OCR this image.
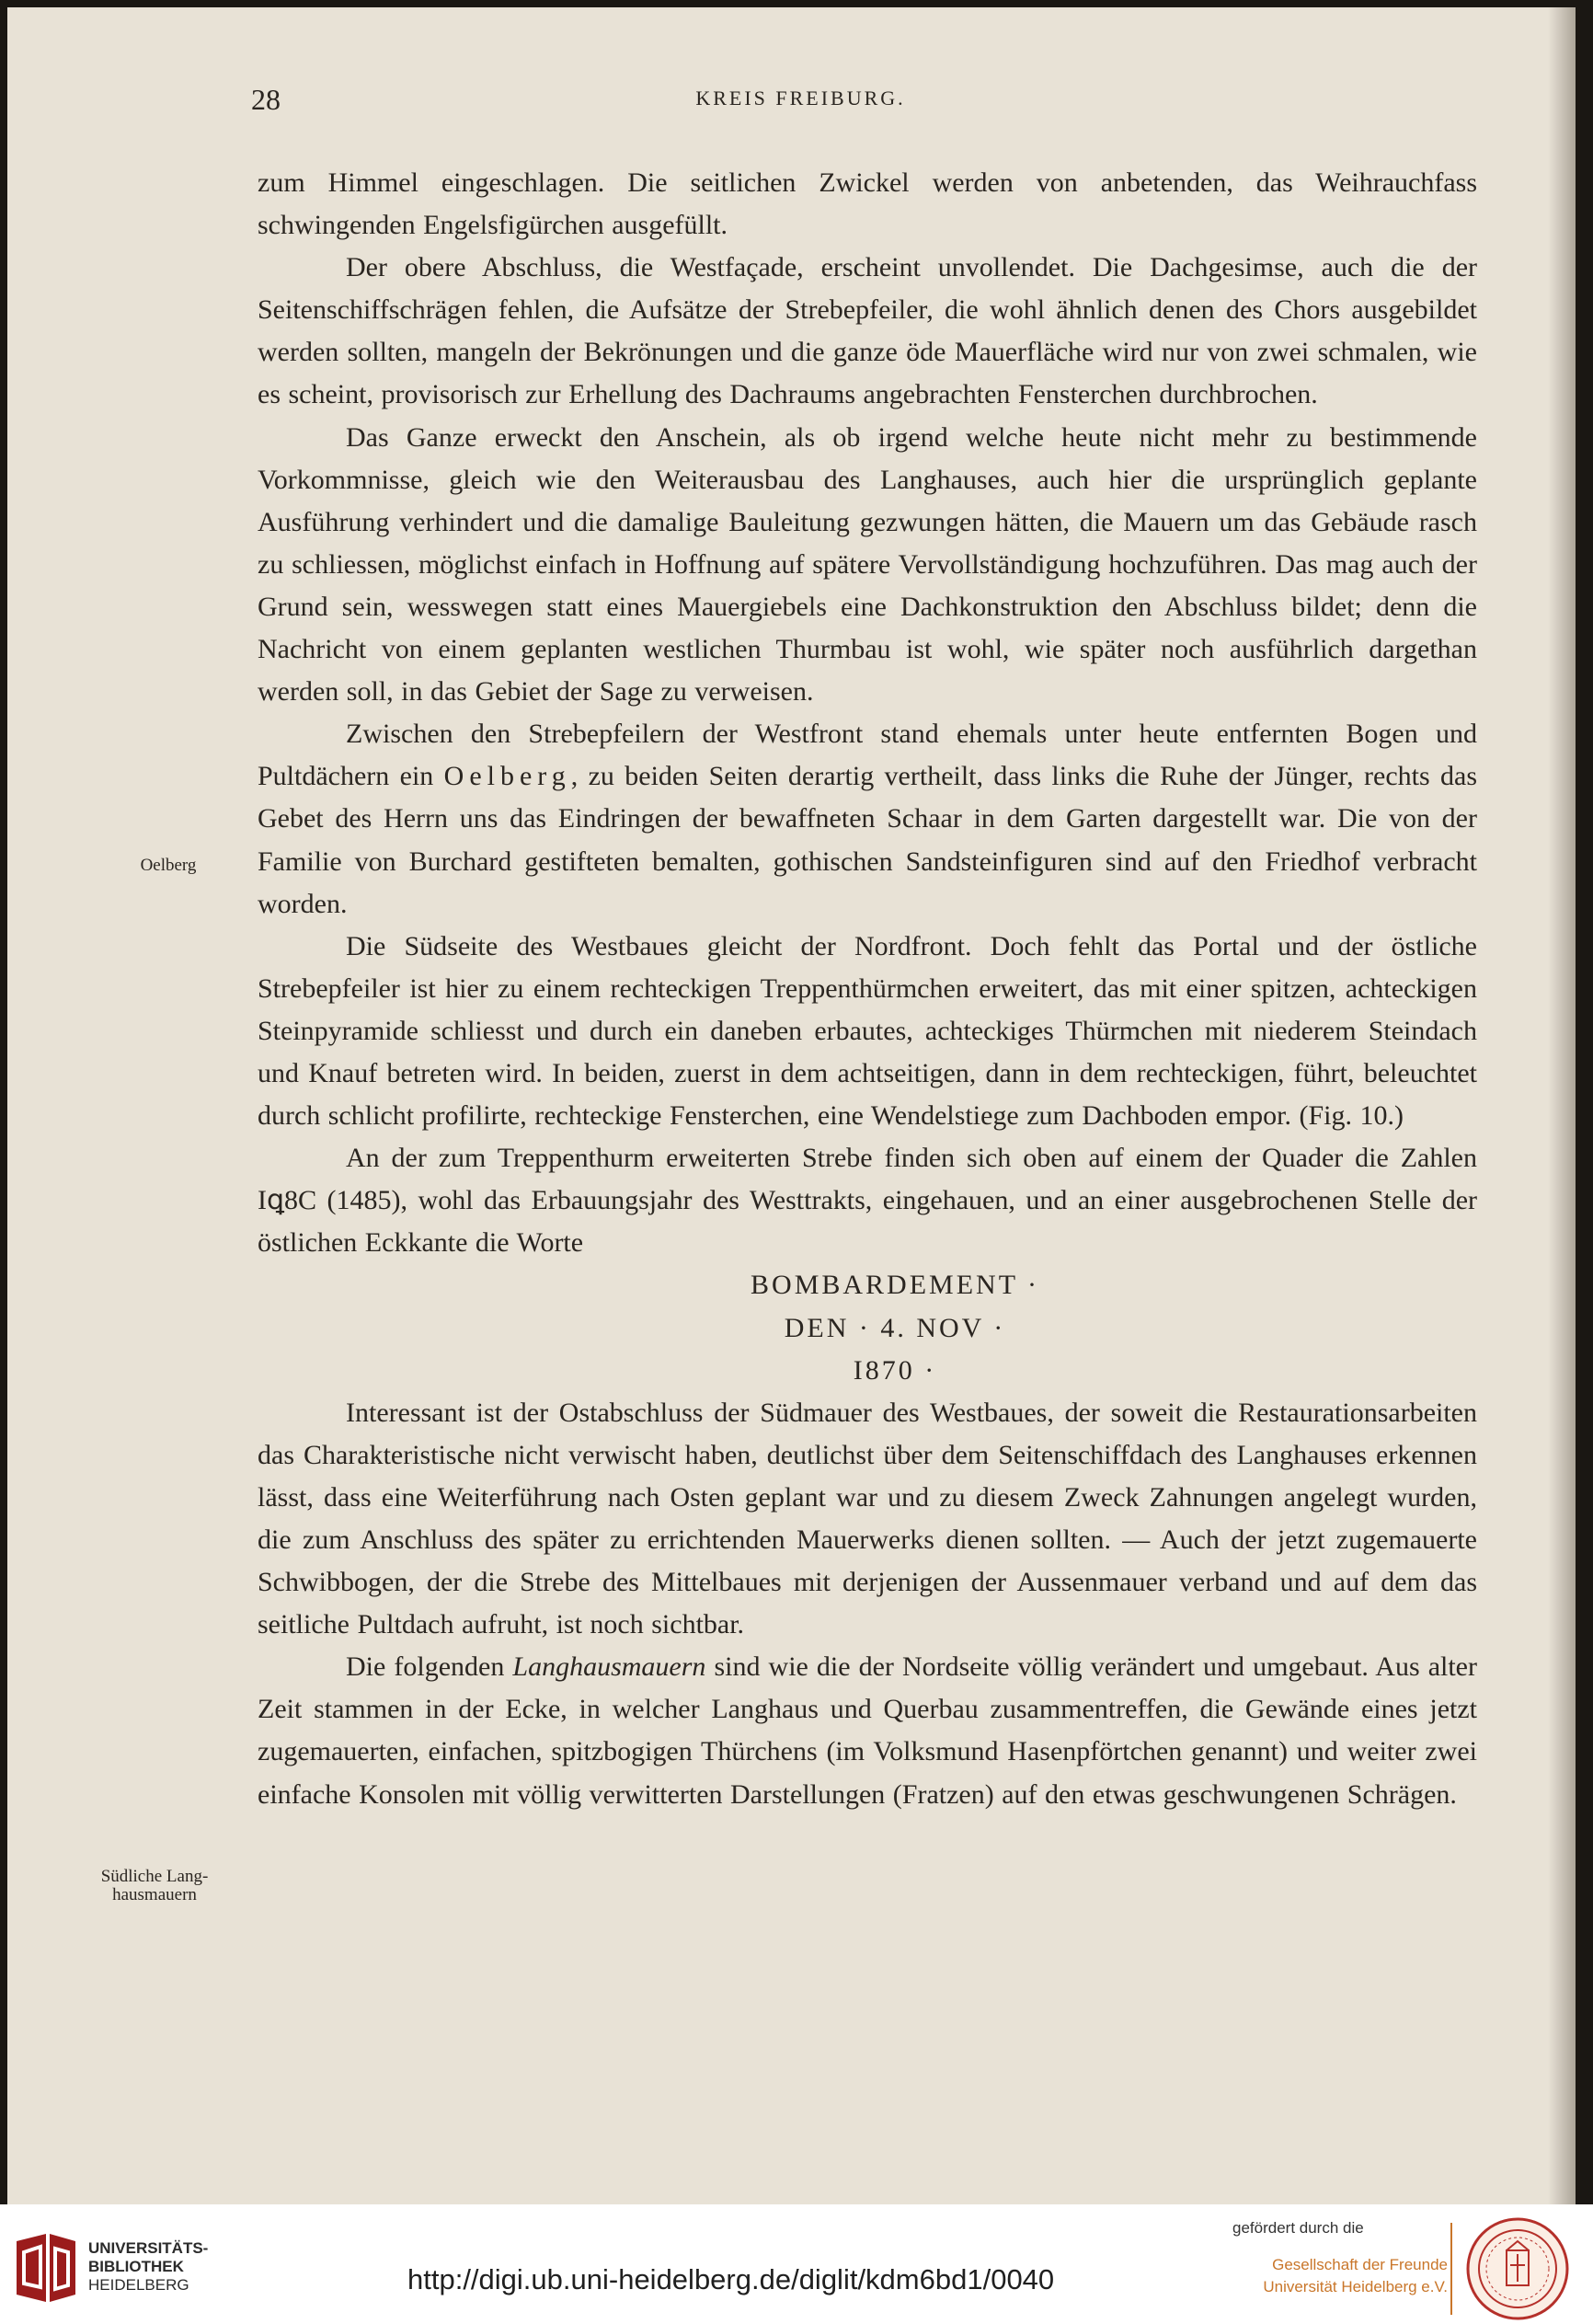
28	KREIS FREIBURG.
Oelberg
Südliche Lang-
hausmauern

zum Himmel eingeschlagen. Die seitlichen Zwickel werden von anbetenden, das Weihrauchfass schwingenden Engelsfigürchen ausgefüllt.

Der obere Abschluss, die Westfaçade, erscheint unvollendet. Die Dachgesimse, auch die der Seitenschiffschrägen fehlen, die Aufsätze der Strebepfeiler, die wohl ähnlich denen des Chors ausgebildet werden sollten, mangeln der Bekrönungen und die ganze öde Mauerfläche wird nur von zwei schmalen, wie es scheint, provisorisch zur Erhellung des Dachraums angebrachten Fensterchen durchbrochen.

Das Ganze erweckt den Anschein, als ob irgend welche heute nicht mehr zu bestimmende Vorkommnisse, gleich wie den Weiterausbau des Langhauses, auch hier die ursprünglich geplante Ausführung verhindert und die damalige Bauleitung gezwungen hätten, die Mauern um das Gebäude rasch zu schliessen, möglichst einfach in Hoffnung auf spätere Vervollständigung hochzuführen. Das mag auch der Grund sein, wesswegen statt eines Mauergiebels eine Dachkonstruktion den Abschluss bildet; denn die Nachricht von einem geplanten westlichen Thurmbau ist wohl, wie später noch ausführlich dargethan werden soll, in das Gebiet der Sage zu verweisen.

Zwischen den Strebepfeilern der Westfront stand ehemals unter heute entfernten Bogen und Pultdächern ein Oelberg, zu beiden Seiten derartig vertheilt, dass links die Ruhe der Jünger, rechts das Gebet des Herrn uns das Eindringen der bewaffneten Schaar in dem Garten dargestellt war. Die von der Familie von Burchard gestifteten bemalten, gothischen Sandsteinfiguren sind auf den Friedhof verbracht worden.

Die Südseite des Westbaues gleicht der Nordfront. Doch fehlt das Portal und der östliche Strebepfeiler ist hier zu einem rechteckigen Treppenthürmchen erweitert, das mit einer spitzen, achteckigen Steinpyramide schliesst und durch ein daneben erbautes, achteckiges Thürmchen mit niederem Steindach und Knauf betreten wird. In beiden, zuerst in dem achtseitigen, dann in dem rechteckigen, führt, beleuchtet durch schlicht profilirte, rechteckige Fensterchen, eine Wendelstiege zum Dachboden empor. (Fig. 10.)

An der zum Treppenthurm erweiterten Strebe finden sich oben auf einem der Quader die Zahlen Iꝗ8Ϲ (1485), wohl das Erbauungsjahr des Westtrakts, eingehauen, und an einer ausgebrochenen Stelle der östlichen Eckkante die Worte

BOMBARDEMENT ·

DEN · 4. NOV ·

I870 ·

Interessant ist der Ostabschluss der Südmauer des Westbaues, der soweit die Restaurationsarbeiten das Charakteristische nicht verwischt haben, deutlichst über dem Seitenschiffdach des Langhauses erkennen lässt, dass eine Weiterführung nach Osten geplant war und zu diesem Zweck Zahnungen angelegt wurden, die zum Anschluss des später zu errichtenden Mauerwerks dienen sollten. — Auch der jetzt zugemauerte Schwibbogen, der die Strebe des Mittelbaues mit derjenigen der Aussenmauer verband und auf dem das seitliche Pultdach aufruht, ist noch sichtbar.

Die folgenden Langhausmauern sind wie die der Nordseite völlig verändert und umgebaut. Aus alter Zeit stammen in der Ecke, in welcher Langhaus und Querbau zusammentreffen, die Gewände eines jetzt zugemauerten, einfachen, spitzbogigen Thürchens (im Volksmund Hasenpförtchen genannt) und weiter zwei einfache Konsolen mit völlig verwitterten Darstellungen (Fratzen) auf den etwas geschwungenen Schrägen.

UNIVERSITÄTS-
BIBLIOTHEK
HEIDELBERG	http://digi.ub.uni-heidelberg.de/diglit/kdm6bd1/0040
gefördert durch die
Gesellschaft der Freunde
Universität Heidelberg e.V.
